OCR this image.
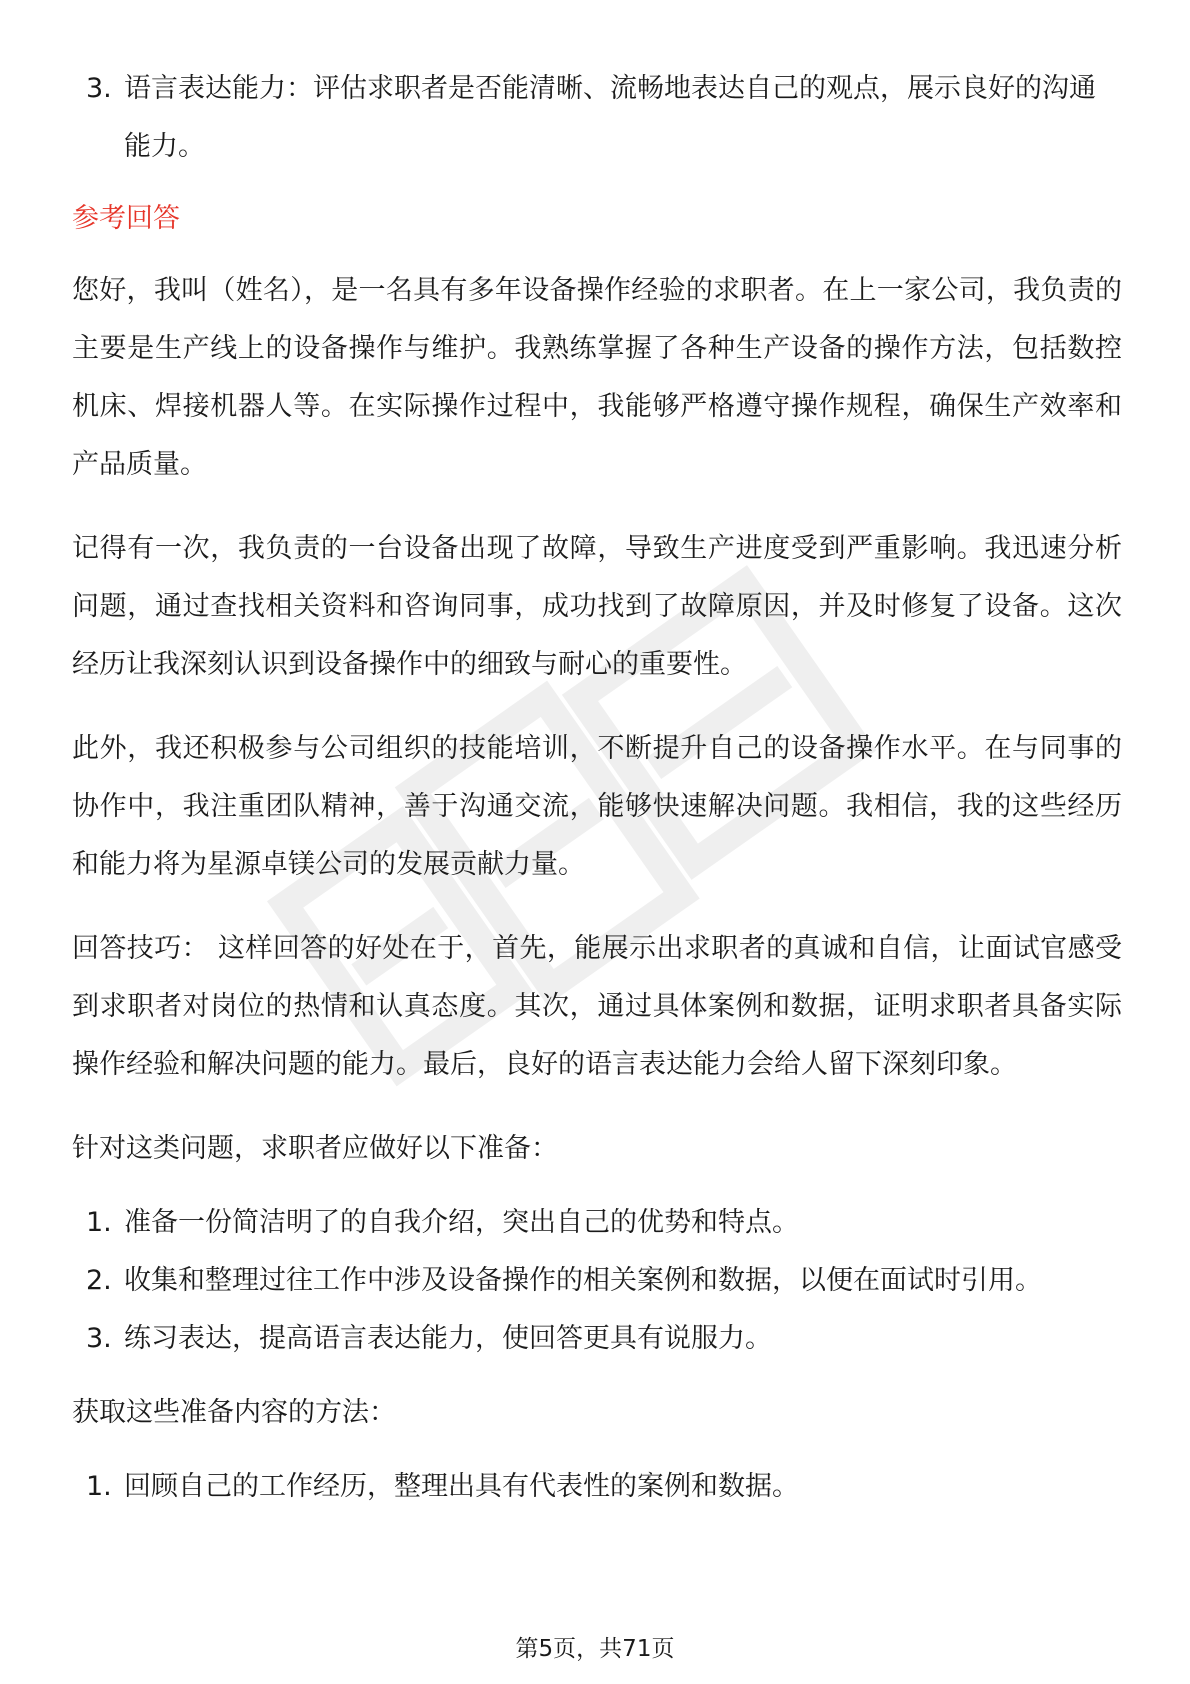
3. 语言表达能力：评估求职者是否能清晰、流畅地表达自己的观点，展示良好的沟通能力。
参考回答

您好，我叫（姓名），是一名具有多年设备操作经验的求职者。在上一家公司，我负责的主要是生产线上的设备操作与维护。我熟练掌握了各种生产设备的操作方法，包括数控机床、焊接机器人等。在实际操作过程中，我能够严格遵守操作规程，确保生产效率和产品质量。

记得有一次，我负责的一台设备出现了故障，导致生产进度受到严重影响。我迅速分析问题，通过查找相关资料和咨询同事，成功找到了故障原因，并及时修复了设备。这次经历让我深刻认识到设备操作中的细致与耐心的重要性。

此外，我还积极参与公司组织的技能培训，不断提升自己的设备操作水平。在与同事的协作中，我注重团队精神，善于沟通交流，能够快速解决问题。我相信，我的这些经历和能力将为星源卓镁公司的发展贡献力量。

回答技巧： 这样回答的好处在于，首先，能展示出求职者的真诚和自信，让面试官感受到求职者对岗位的热情和认真态度。其次，通过具体案例和数据，证明求职者具备实际操作经验和解决问题的能力。最后，良好的语言表达能力会给人留下深刻印象。

针对这类问题，求职者应做好以下准备：

1. 准备一份简洁明了的自我介绍，突出自己的优势和特点。
2. 收集和整理过往工作中涉及设备操作的相关案例和数据，以便在面试时引用。
3. 练习表达，提高语言表达能力，使回答更具有说服力。

获取这些准备内容的方法：

1. 回顾自己的工作经历，整理出具有代表性的案例和数据。
第5页，共71页
